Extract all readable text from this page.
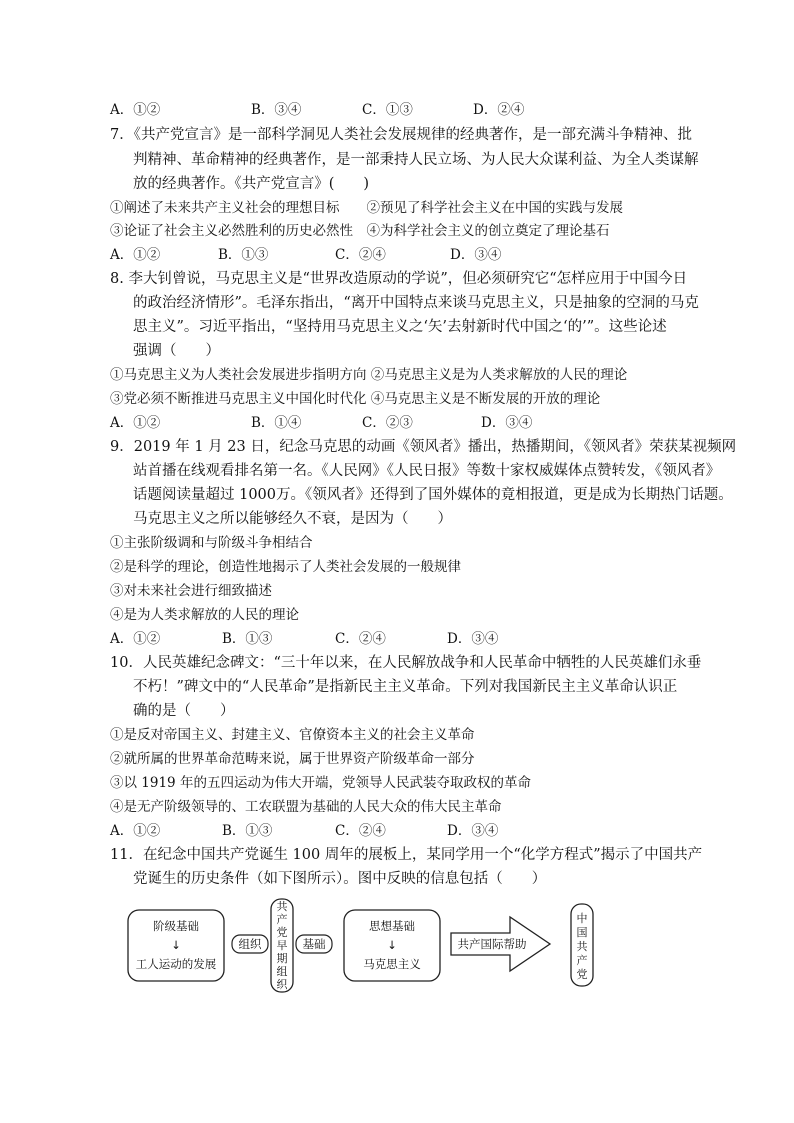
A．①②	B．③④	C．①③	D．②④
7．《共产党宣言》是一部科学洞见人类社会发展规律的经典著作，是一部充满斗争精神、批
判精神、革命精神的经典著作，是一部秉持人民立场、为人民大众谋利益、为全人类谋解
放的经典著作。《共产党宣言》(　　)
①阐述了未来共产主义社会的理想目标　　②预见了科学社会主义在中国的实践与发展
③论证了社会主义必然胜利的历史必然性　④为科学社会主义的创立奠定了理论基石
A．①②	B．①③	C．②④	D．③④
8. 李大钊曾说，马克思主义是“世界改造原动的学说”，但必须研究它“怎样应用于中国今日
的政治经济情形”。毛泽东指出，“离开中国特点来谈马克思主义，只是抽象的空洞的马克
思主义”。习近平指出，“坚持用马克思主义之‘矢’去射新时代中国之‘的’”。这些论述
强调（　　）
①马克思主义为人类社会发展进步指明方向 ②马克思主义是为人类求解放的人民的理论
③党必须不断推进马克思主义中国化时代化 ④马克思主义是不断发展的开放的理论
A．①②	B．①④	C．②③	D．③④
9．2019 年 1 月 23 日，纪念马克思的动画《领风者》播出，热播期间，《领风者》荣获某视频网
站首播在线观看排名第一名。《人民网》《人民日报》等数十家权威媒体点赞转发，《领风者》
话题阅读量超过 1000万。《领风者》还得到了国外媒体的竟相报道，更是成为长期热门话题。
马克思主义之所以能够经久不衰，是因为（　　）
①主张阶级调和与阶级斗争相结合
②是科学的理论，创造性地揭示了人类社会发展的一般规律
③对未来社会进行细致描述
④是为人类求解放的人民的理论
A．①②	B．①③	C．②④	D．③④
10．人民英雄纪念碑文：“三十年以来，在人民解放战争和人民革命中牺牲的人民英雄们永垂
不朽！”碑文中的“人民革命”是指新民主主义革命。下列对我国新民主主义革命认识正
确的是（　　）
①是反对帝国主义、封建主义、官僚资本主义的社会主义革命
②就所属的世界革命范畴来说，属于世界资产阶级革命一部分
③以 1919 年的五四运动为伟大开端，党领导人民武装夺取政权的革命
④是无产阶级领导的、工农联盟为基础的人民大众的伟大民主革命
A．①②	B．①③	C．②④	D．③④
11．在纪念中国共产党诞生 100 周年的展板上，某同学用一个“化学方程式”揭示了中国共产
党诞生的历史条件（如下图所示）。图中反映的信息包括（　　）
阶级基础
↓
工人运动的发展
组织
共
产
党
早
期
组
织
基础
思想基础
↓
马克思主义
共产国际帮助
中
国
共
产
党
